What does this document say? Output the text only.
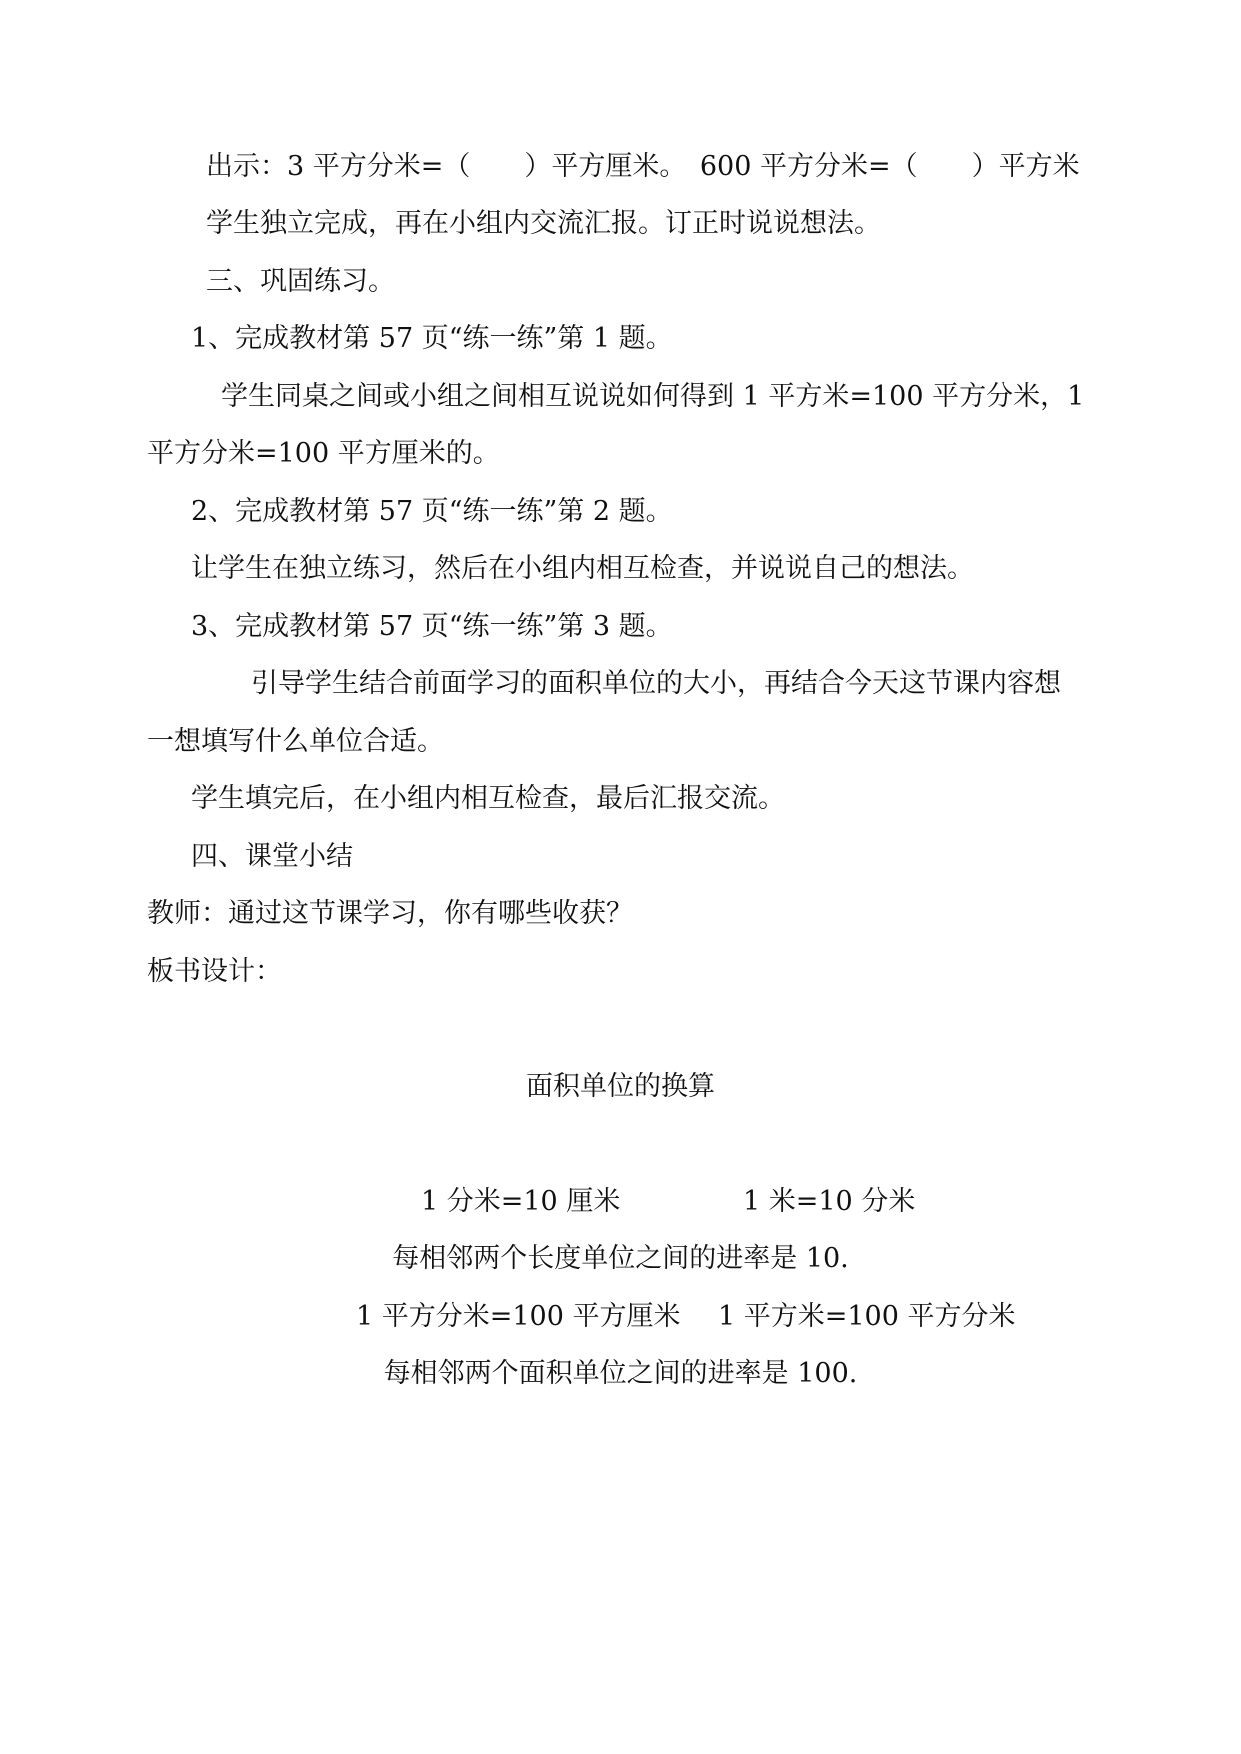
出示：3 平方分米=（　　）平方厘米。　600 平方分米=（　　）平方米
学生独立完成，再在小组内交流汇报。订正时说说想法。
三、巩固练习。
1、完成教材第 57 页“练一练”第 1 题。
学生同桌之间或小组之间相互说说如何得到 1 平方米=100 平方分米，1
平方分米=100 平方厘米的。
2、完成教材第 57 页“练一练”第 2 题。
让学生在独立练习，然后在小组内相互检查，并说说自己的想法。
3、完成教材第 57 页“练一练”第 3 题。
引导学生结合前面学习的面积单位的大小，再结合今天这节课内容想
一想填写什么单位合适。
学生填完后，在小组内相互检查，最后汇报交流。
四、课堂小结
教师：通过这节课学习，你有哪些收获？
板书设计：
面积单位的换算
1 分米=10 厘米	1 米=10 分米
每相邻两个长度单位之间的进率是 10.
1 平方分米=100 平方厘米 1 平方米=100 平方分米
每相邻两个面积单位之间的进率是 100.
